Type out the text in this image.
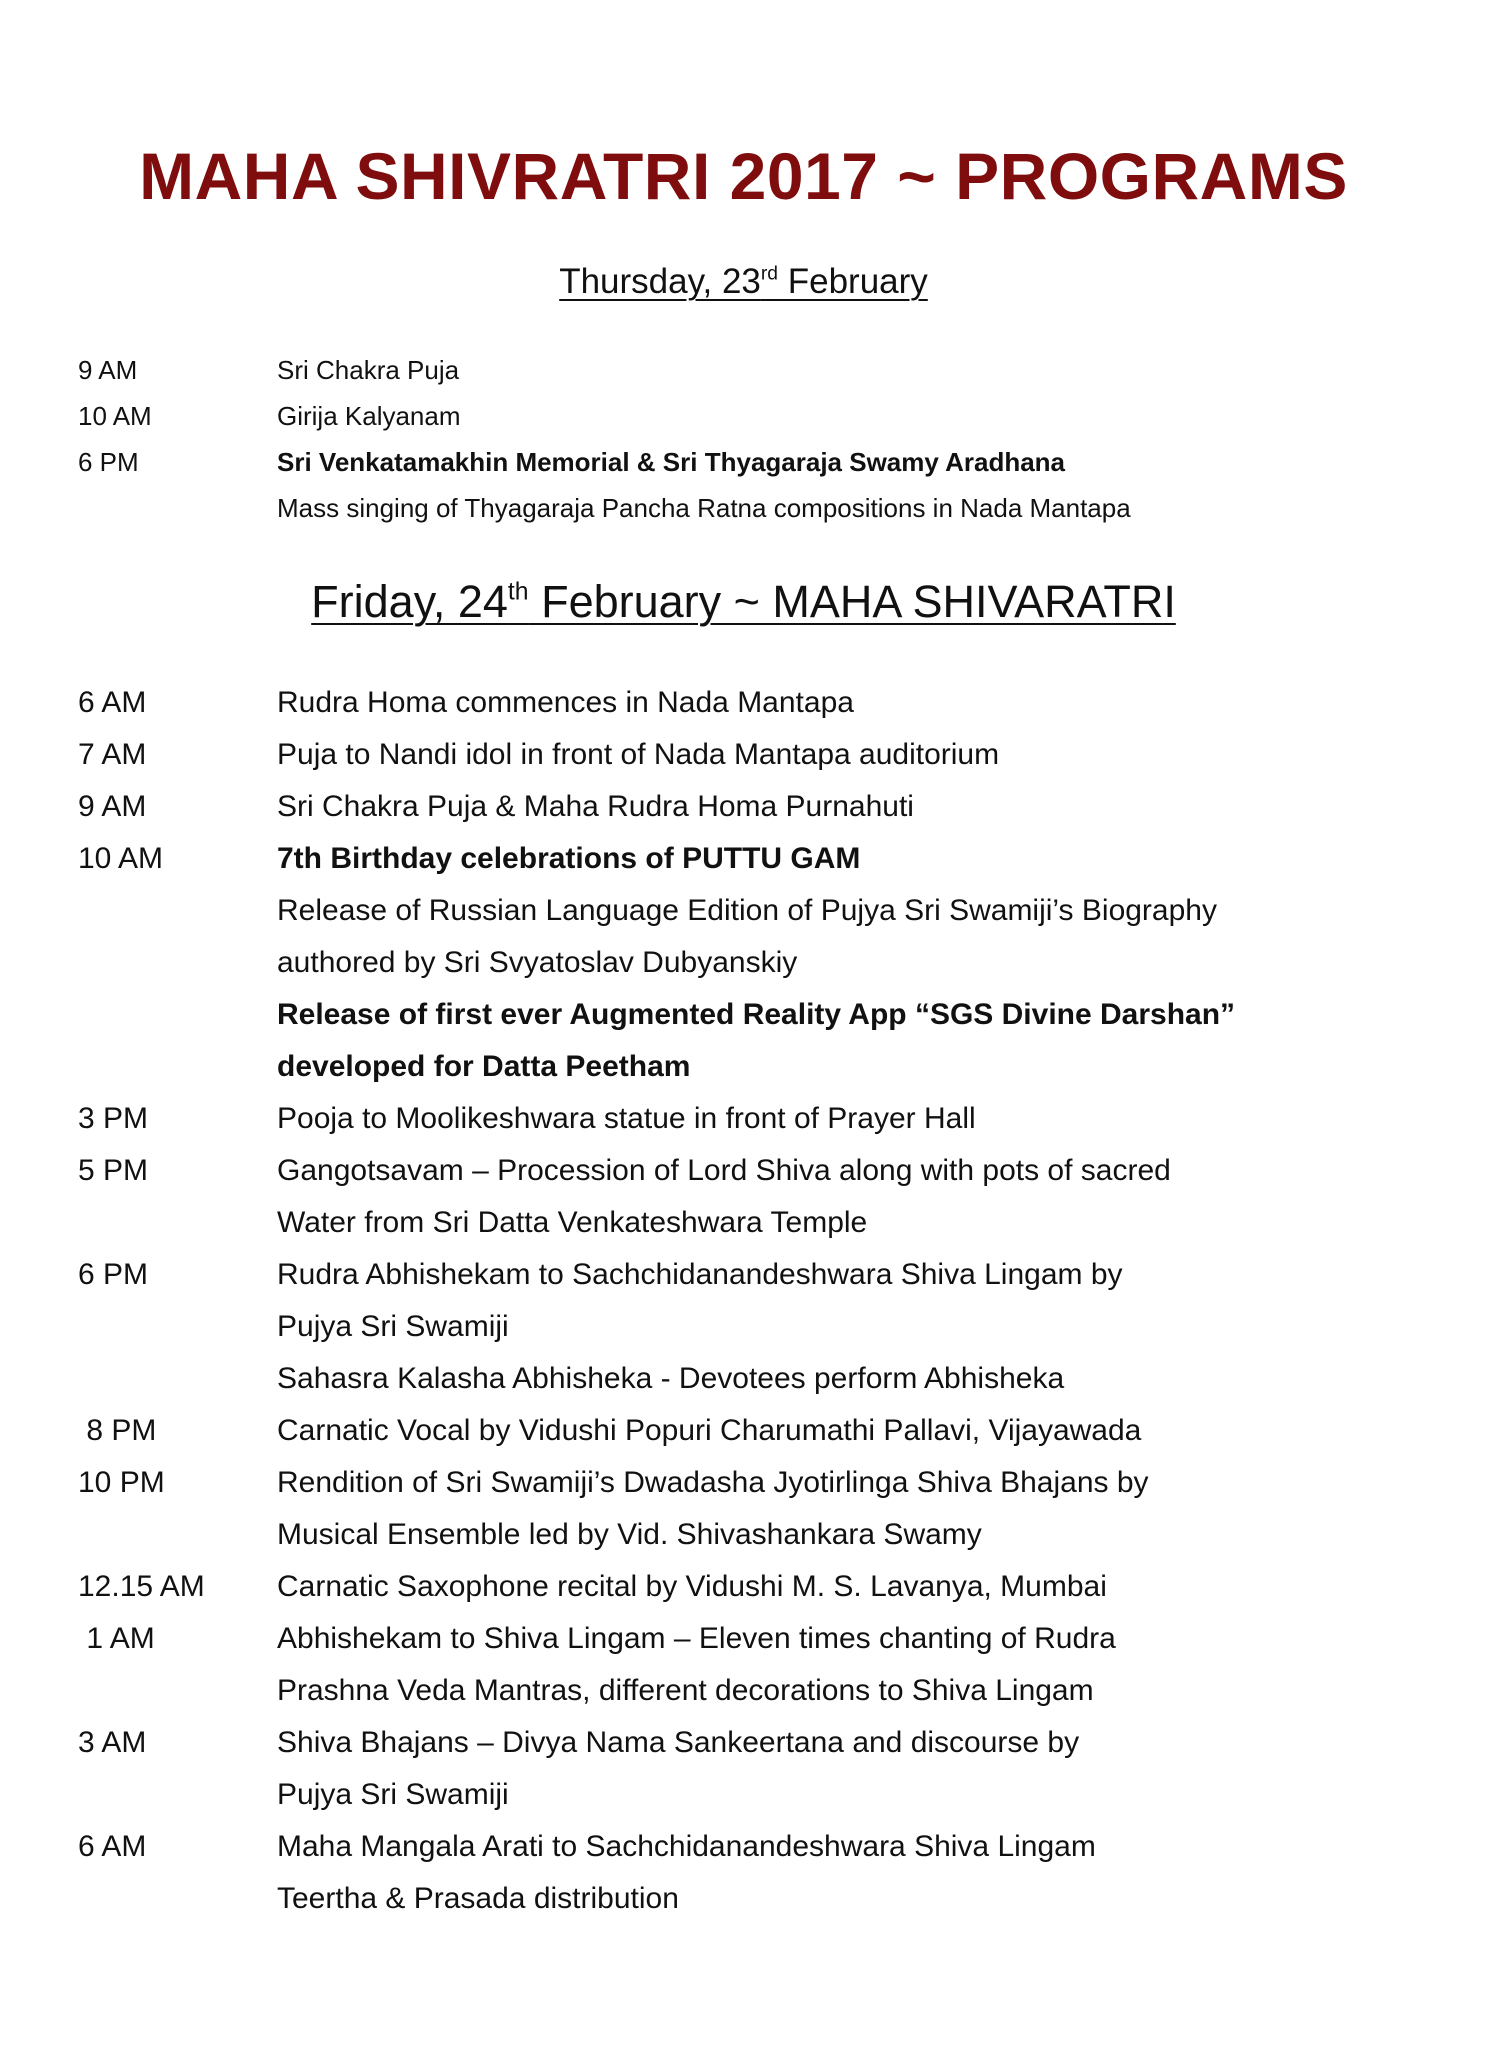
MAHA SHIVRATRI 2017 ~ PROGRAMS
Thursday, 23rd February
9 AM	Sri Chakra Puja
10 AM	Girija Kalyanam
6 PM	Sri Venkatamakhin Memorial & Sri Thyagaraja Swamy Aradhana
Mass singing of Thyagaraja Pancha Ratna compositions in Nada Mantapa
Friday, 24th February ~ MAHA SHIVARATRI
6 AM	Rudra Homa commences in Nada Mantapa
7 AM	Puja to Nandi idol in front of Nada Mantapa auditorium
9 AM	Sri Chakra Puja & Maha Rudra Homa Purnahuti
10 AM	7th Birthday celebrations of PUTTU GAM
Release of Russian Language Edition of Pujya Sri Swamiji’s Biography
authored by Sri Svyatoslav Dubyanskiy
Release of first ever Augmented Reality App “SGS Divine Darshan”
developed for Datta Peetham
3 PM	Pooja to Moolikeshwara statue in front of Prayer Hall
5 PM	Gangotsavam – Procession of Lord Shiva along with pots of sacred
Water from Sri Datta Venkateshwara Temple
6 PM	Rudra Abhishekam to Sachchidanandeshwara Shiva Lingam by
Pujya Sri Swamiji
Sahasra Kalasha Abhisheka - Devotees perform Abhisheka
8 PM	Carnatic Vocal by Vidushi Popuri Charumathi Pallavi, Vijayawada
10 PM	Rendition of Sri Swamiji’s Dwadasha Jyotirlinga Shiva Bhajans by
Musical Ensemble led by Vid. Shivashankara Swamy
12.15 AM Carnatic Saxophone recital by Vidushi M. S. Lavanya, Mumbai
1 AM	Abhishekam to Shiva Lingam – Eleven times chanting of Rudra
Prashna Veda Mantras, different decorations to Shiva Lingam
3 AM	Shiva Bhajans – Divya Nama Sankeertana and discourse by
Pujya Sri Swamiji
6 AM	Maha Mangala Arati to Sachchidanandeshwara Shiva Lingam
Teertha & Prasada distribution
